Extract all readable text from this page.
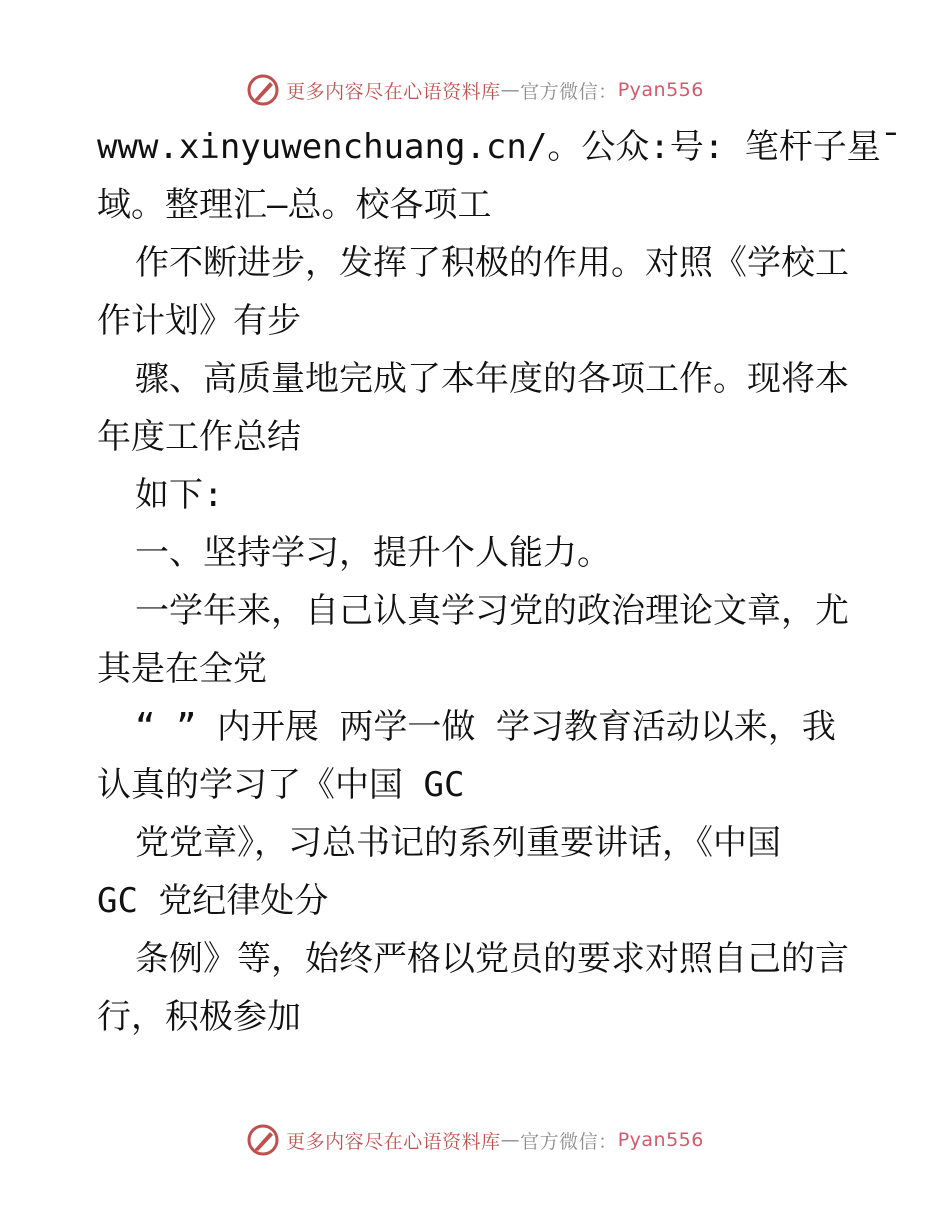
更多内容尽在心语资料库 — 官方微信： Pyan556
www.xinyuwenchuang.cn/。公众:号: 笔杆子星¯
域。整理汇—总。校各项工
作不断进步，发挥了积极的作用。对照《学校工
作计划》有步
骤、高质量地完成了本年度的各项工作。现将本
年度工作总结
如下:
一、坚持学习，提升个人能力。
一学年来，自己认真学习党的政治理论文章，尤
其是在全党
“ ” 内开展 两学一做 学习教育活动以来，我
认真的学习了《中国 GC
党党章》，习总书记的系列重要讲话，《中国
GC 党纪律处分
条例》等，始终严格以党员的要求对照自己的言
行，积极参加
更多内容尽在心语资料库 — 官方微信： Pyan556
